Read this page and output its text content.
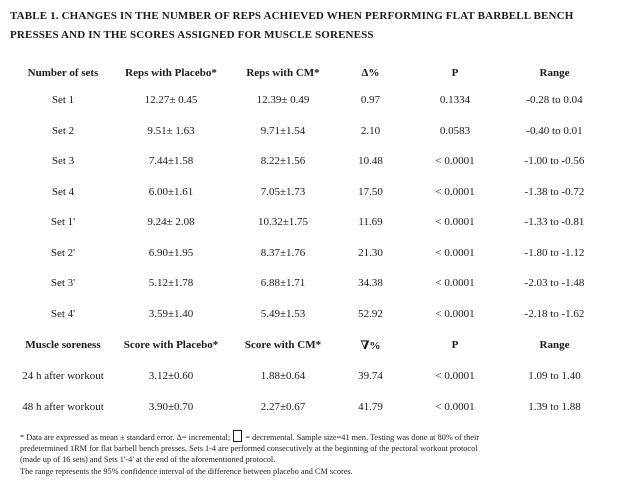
TABLE 1. CHANGES IN THE NUMBER OF REPS ACHIEVED WHEN PERFORMING FLAT BARBELL BENCH
PRESSES AND IN THE SCORES ASSIGNED FOR MUSCLE SORENESS
Number of sets	Reps with Placebo*	Reps with CM*	Δ%	P	Range
Set 1	12.27± 0.45	12.39± 0.49	0.97	0.1334	-0.28 to 0.04
Set 2	9.51± 1.63	9.71±1.54	2.10	0.0583	-0.40 to 0.01
Set 3	7.44±1.58	8.22±1.56	10.48	< 0.0001	-1.00 to -0.56
Set 4	6.00±1.61	7.05±1.73	17.50	< 0.0001	-1.38 to -0.72
Set 1'	9.24± 2.08	10.32±1.75	11.69	< 0.0001	-1.33 to -0.81
Set 2'	6.90±1.95	8.37±1.76	21.30	< 0.0001	-1.80 to -1.12
Set 3'	5.12±1.78	6.88±1.71	34.38	< 0.0001	-2.03 to -1.48
Set 4'	3.59±1.40	5.49±1.53	52.92	< 0.0001	-2.18 to -1.62
Muscle soreness	Score with Placebo*	Score with CM*	∇%	P	Range
24 h after workout	3.12±0.60	1.88±0.64	39.74	< 0.0001	1.09 to 1.40
48 h after workout	3.90±0.70	2.27±0.67	41.79	< 0.0001	1.39 to 1.88
* Data are expressed as mean ± standard error. Δ= incremental; = decremental. Sample size=41 men. Testing was done at 80% of their
predetermined 1RM for flat barbell bench presses. Sets 1-4 are performed consecutively at the beginning of the pectoral workout protocol
(made up of 16 sets) and Sets 1'-4' at the end of the aforementioned protocol.
The range represents the 95% confidence interval of the difference between placebo and CM scores.
